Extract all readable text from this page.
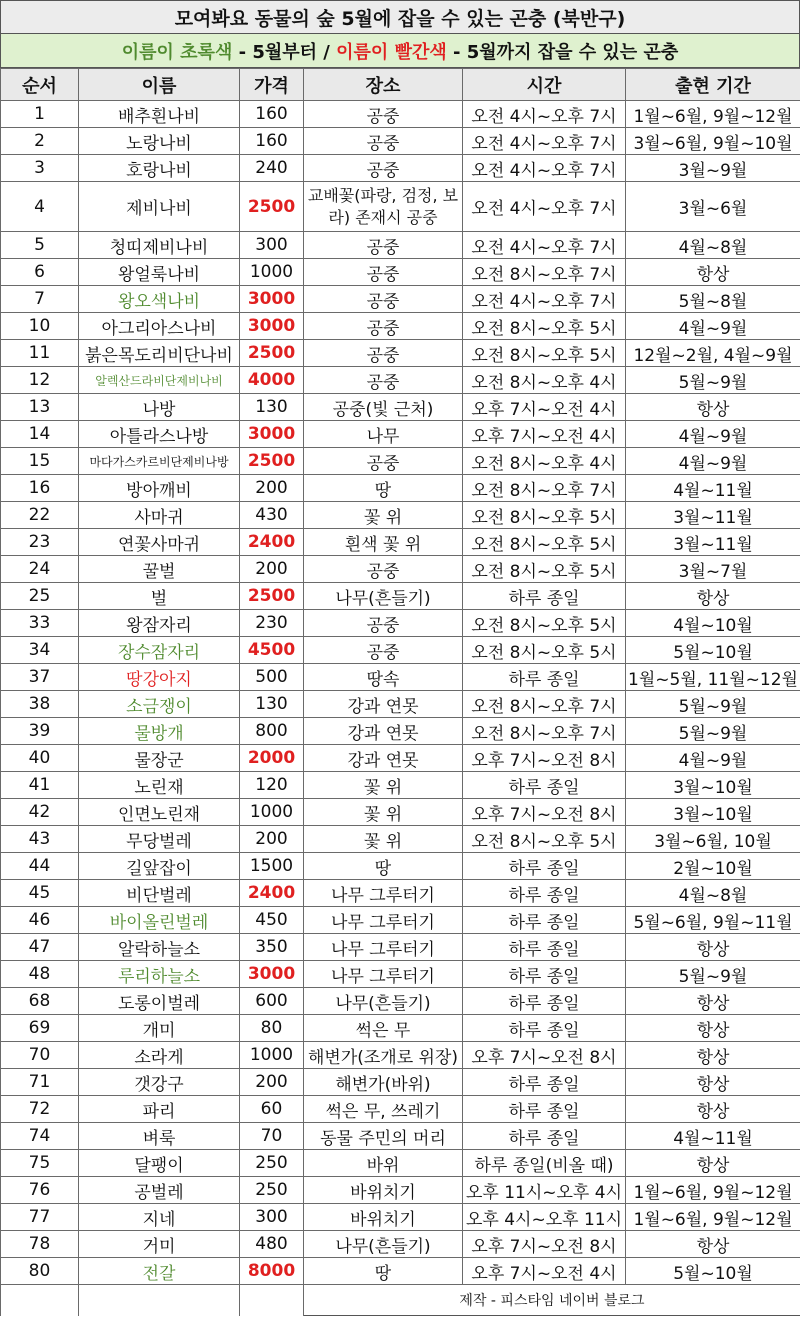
모여봐요 동물의 숲 5월에 잡을 수 있는 곤충 (북반구)
이름이 초록색 - 5월부터 / 이름이 빨간색 - 5월까지 잡을 수 있는 곤충
순서	이름	가격	장소	시간	출현 기간
1	배추흰나비	160	공중	오전 4시~오후 7시	1월~6월, 9월~12월
2	노랑나비	160	공중	오전 4시~오후 7시	3월~6월, 9월~10월
3	호랑나비	240	공중	오전 4시~오후 7시	3월~9월
4	제비나비	2500	교배꽃(파랑, 검정, 보라) 존재시 공중	오전 4시~오후 7시	3월~6월
5	청띠제비나비	300	공중	오전 4시~오후 7시	4월~8월
6	왕얼룩나비	1000	공중	오전 8시~오후 7시	항상
7	왕오색나비	3000	공중	오전 4시~오후 7시	5월~8월
10	아그리아스나비	3000	공중	오전 8시~오후 5시	4월~9월
11	붉은목도리비단나비	2500	공중	오전 8시~오후 5시	12월~2월, 4월~9월
12	알렉산드라비단제비나비	4000	공중	오전 8시~오후 4시	5월~9월
13	나방	130	공중(빛 근처)	오후 7시~오전 4시	항상
14	아틀라스나방	3000	나무	오후 7시~오전 4시	4월~9월
15	마다가스카르비단제비나방	2500	공중	오전 8시~오후 4시	4월~9월
16	방아깨비	200	땅	오전 8시~오후 7시	4월~11월
22	사마귀	430	꽃 위	오전 8시~오후 5시	3월~11월
23	연꽃사마귀	2400	흰색 꽃 위	오전 8시~오후 5시	3월~11월
24	꿀벌	200	공중	오전 8시~오후 5시	3월~7월
25	벌	2500	나무(흔들기)	하루 종일	항상
33	왕잠자리	230	공중	오전 8시~오후 5시	4월~10월
34	장수잠자리	4500	공중	오전 8시~오후 5시	5월~10월
37	땅강아지	500	땅속	하루 종일	1월~5월, 11월~12월
38	소금쟁이	130	강과 연못	오전 8시~오후 7시	5월~9월
39	물방개	800	강과 연못	오전 8시~오후 7시	5월~9월
40	물장군	2000	강과 연못	오후 7시~오전 8시	4월~9월
41	노린재	120	꽃 위	하루 종일	3월~10월
42	인면노린재	1000	꽃 위	오후 7시~오전 8시	3월~10월
43	무당벌레	200	꽃 위	오전 8시~오후 5시	3월~6월, 10월
44	길앞잡이	1500	땅	하루 종일	2월~10월
45	비단벌레	2400	나무 그루터기	하루 종일	4월~8월
46	바이올린벌레	450	나무 그루터기	하루 종일	5월~6월, 9월~11월
47	알락하늘소	350	나무 그루터기	하루 종일	항상
48	루리하늘소	3000	나무 그루터기	하루 종일	5월~9월
68	도롱이벌레	600	나무(흔들기)	하루 종일	항상
69	개미	80	썩은 무	하루 종일	항상
70	소라게	1000	해변가(조개로 위장)	오후 7시~오전 8시	항상
71	갯강구	200	해변가(바위)	하루 종일	항상
72	파리	60	썩은 무, 쓰레기	하루 종일	항상
74	벼룩	70	동물 주민의 머리	하루 종일	4월~11월
75	달팽이	250	바위	하루 종일(비올 때)	항상
76	공벌레	250	바위치기	오후 11시~오후 4시	1월~6월, 9월~12월
77	지네	300	바위치기	오후 4시~오후 11시	1월~6월, 9월~12월
78	거미	480	나무(흔들기)	오후 7시~오전 8시	항상
80	전갈	8000	땅	오후 7시~오전 4시	5월~10월
			제작 - 피스타임 네이버 블로그		
